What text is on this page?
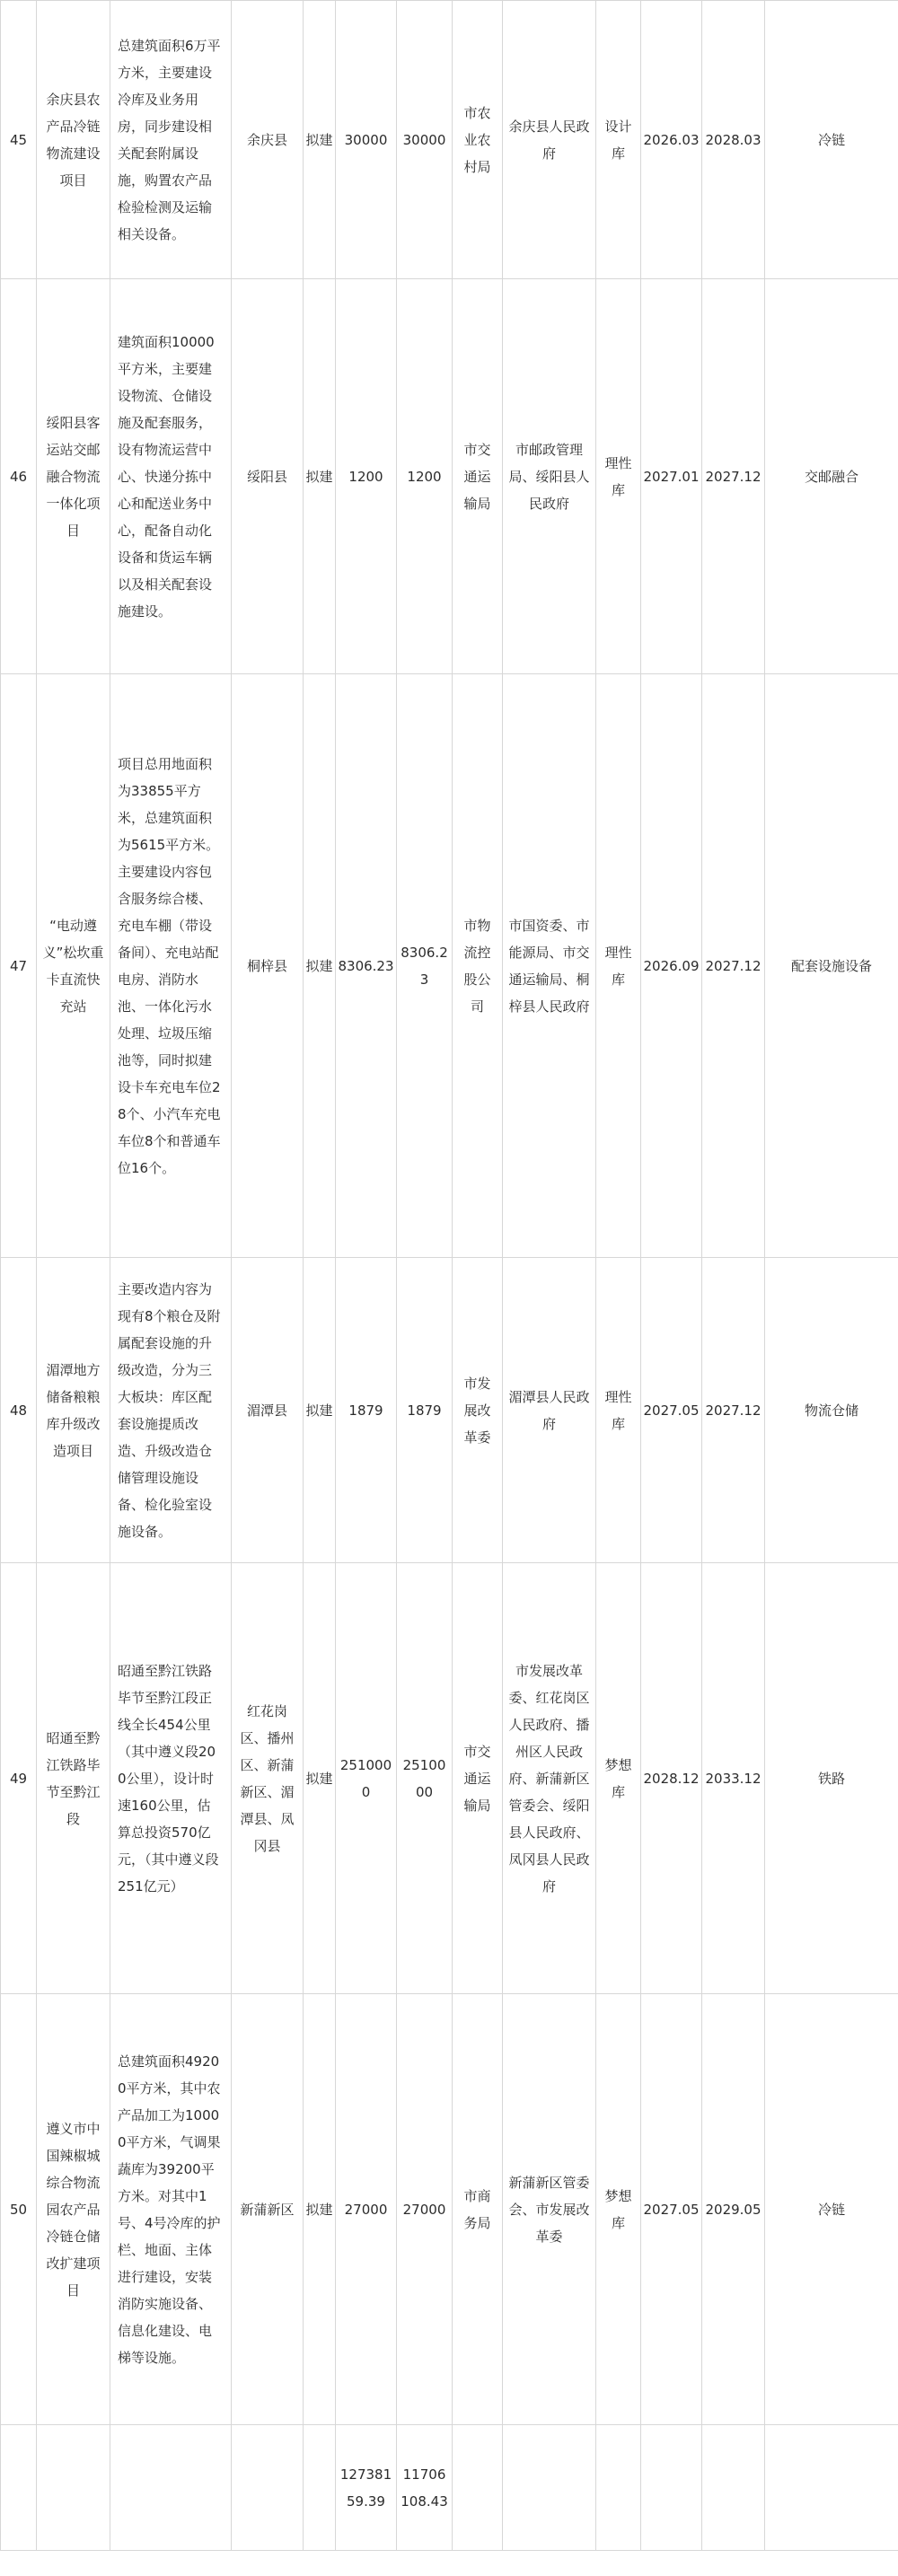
45	余庆县农产品冷链物流建设项目	总建筑面积6万平方米，主要建设冷库及业务用房，同步建设相关配套附属设施，购置农产品检验检测及运输相关设备。	余庆县	拟建	30000	30000	市农业农村局	余庆县人民政府	设计库	2026.03	2028.03	冷链
46	绥阳县客运站交邮融合物流一体化项目	建筑面积10000平方米，主要建设物流、仓储设施及配套服务，设有物流运营中心、快递分拣中心和配送业务中心，配备自动化设备和货运车辆以及相关配套设施建设。	绥阳县	拟建	1200	1200	市交通运输局	市邮政管理局、绥阳县人民政府	理性库	2027.01	2027.12	交邮融合
47	“电动遵义”松坎重卡直流快充站	项目总用地面积为33855平方米，总建筑面积为5615平方米。主要建设内容包含服务综合楼、充电车棚（带设备间）、充电站配电房、消防水池、一体化污水处理、垃圾压缩池等，同时拟建设卡车充电车位28个、小汽车充电车位8个和普通车位16个。	桐梓县	拟建	8306.23	8306.23	市物流控股公司	市国资委、市能源局、市交通运输局、桐梓县人民政府	理性库	2026.09	2027.12	配套设施设备
48	湄潭地方储备粮粮库升级改造项目	主要改造内容为现有8个粮仓及附属配套设施的升级改造，分为三大板块：库区配套设施提质改造、升级改造仓储管理设施设备、检化验室设施设备。	湄潭县	拟建	1879	1879	市发展改革委	湄潭县人民政府	理性库	2027.05	2027.12	物流仓储
49	昭通至黔江铁路毕节至黔江段	昭通至黔江铁路毕节至黔江段正线全长454公里（其中遵义段200公里），设计时速160公里，估算总投资570亿元，（其中遵义段251亿元）	红花岗区、播州区、新蒲新区、湄潭县、凤冈县	拟建	2510000	2510000	市交通运输局	市发展改革委、红花岗区人民政府、播州区人民政府、新蒲新区管委会、绥阳县人民政府、凤冈县人民政府	梦想库	2028.12	2033.12	铁路
50	遵义市中国辣椒城综合物流园农产品冷链仓储改扩建项目	总建筑面积49200平方米，其中农产品加工为10000平方米，气调果蔬库为39200平方米。对其中1号、4号冷库的护栏、地面、主体进行建设，安装消防实施设备、信息化建设、电梯等设施。	新蒲新区	拟建	27000	27000	市商务局	新蒲新区管委会、市发展改革委	梦想库	2027.05	2029.05	冷链
					12738159.39	11706108.43						
